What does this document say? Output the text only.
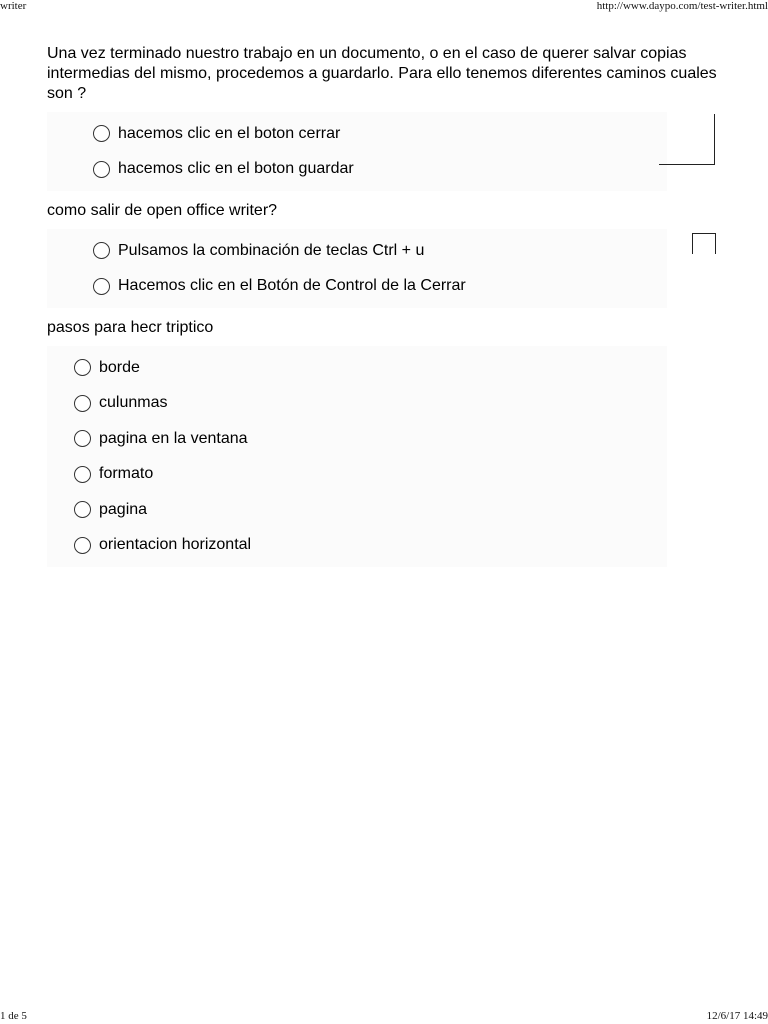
writer	http://www.daypo.com/test-writer.html

Una vez terminado nuestro trabajo en un documento, o en el caso de querer salvar copias intermedias del mismo, procedemos a guardarlo. Para ello tenemos diferentes caminos cuales son ?

hacemos clic en el boton cerrar
hacemos clic en el boton guardar

como salir de open office writer?

Pulsamos la combinación de teclas Ctrl + u
Hacemos clic en el Botón de Control de la Cerrar

pasos para hecr triptico

borde
culunmas
pagina en la ventana
formato
pagina
orientacion horizontal
1 de 5	12/6/17 14:49
